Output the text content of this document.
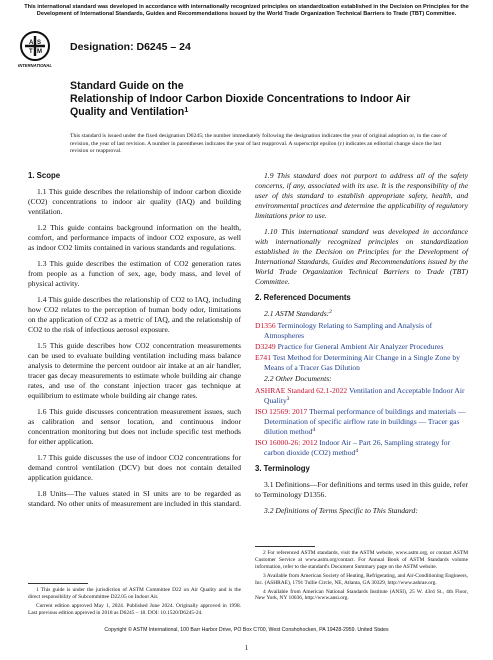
This international standard was developed in accordance with internationally recognized principles on standardization established in the Decision on Principles for the Development of International Standards, Guides and Recommendations issued by the World Trade Organization Technical Barriers to Trade (TBT) Committee.
A S
T M
INTERNATIONAL
Designation: D6245 – 24
Standard Guide on the
Relationship of Indoor Carbon Dioxide Concentrations to Indoor Air Quality and Ventilation$^1$
This standard is issued under the fixed designation D6245; the number immediately following the designation indicates the year of original adoption or, in the case of revision, the year of last revision. A number in parentheses indicates the year of last reapproval. A superscript epsilon (ε) indicates an editorial change since the last revision or reapproval.
1. Scope
1.1 This guide describes the relationship of indoor carbon dioxide (CO2) concentrations to indoor air quality (IAQ) and building ventilation.
1.2 This guide contains background information on the health, comfort, and performance impacts of indoor CO2 exposure, as well as indoor CO2 limits contained in various standards and regulations.
1.3 This guide describes the estimation of CO2 generation rates from people as a function of sex, age, body mass, and level of physical activity.
1.4 This guide describes the relationship of CO2 to IAQ, including how CO2 relates to the perception of human body odor, limitations on the application of CO2 as a metric of IAQ, and the relationship of CO2 to the risk of infectious aerosol exposure.
1.5 This guide describes how CO2 concentration measurements can be used to evaluate building ventilation including mass balance analysis to determine the percent outdoor air intake at an air handler, tracer gas decay measurements to estimate whole building air change rates, and use of the constant injection tracer gas technique at equilibrium to estimate whole building air change rates.
1.6 This guide discusses concentration measurement issues, such as calibration and sensor location, and continuous indoor concentration monitoring but does not include specific test methods for either application.
1.7 This guide discusses the use of indoor CO2 concentrations for demand control ventilation (DCV) but does not contain detailed application guidance.
1.8 Units—The values stated in SI units are to be regarded as standard. No other units of measurement are included in this standard.
1 This guide is under the jurisdiction of ASTM Committee D22 on Air Quality and is the direct responsibility of Subcommittee D22.05 on Indoor Air.
Current edition approved May 1, 2024. Published June 2024. Originally approved in 1998. Last previous edition approved in 2018 as D6245 – 18. DOI: 10.1520/D6245-24.
1.9 This standard does not purport to address all of the safety concerns, if any, associated with its use. It is the responsibility of the user of this standard to establish appropriate safety, health, and environmental practices and determine the applicability of regulatory limitations prior to use.
1.10 This international standard was developed in accordance with internationally recognized principles on standardization established in the Decision on Principles for the Development of International Standards, Guides and Recommendations issued by the World Trade Organization Technical Barriers to Trade (TBT) Committee.
2. Referenced Documents
2.1 ASTM Standards:$^2$
D1356 Terminology Relating to Sampling and Analysis of Atmospheres
D3249 Practice for General Ambient Air Analyzer Procedures
E741 Test Method for Determining Air Change in a Single Zone by Means of a Tracer Gas Dilution
2.2 Other Documents:
ASHRAE Standard 62.1-2022 Ventilation and Acceptable Indoor Air Quality$^3$
ISO 12569: 2017 Thermal performance of buildings and materials — Determination of specific airflow rate in buildings — Tracer gas dilution method$^4$
ISO 16000-26: 2012 Indoor Air – Part 26, Sampling strategy for carbon dioxide (CO2) method$^4$
3. Terminology
3.1 Definitions—For definitions and terms used in this guide, refer to Terminology D1356.
3.2 Definitions of Terms Specific to This Standard:
2 For referenced ASTM standards, visit the ASTM website, www.astm.org, or contact ASTM Customer Service at www.astm.org/contact. For Annual Book of ASTM Standards volume information, refer to the standard's Document Summary page on the ASTM website.
3 Available from American Society of Heating, Refrigerating, and Air-Conditioning Engineers, Inc. (ASHRAE), 1791 Tullie Circle, NE, Atlanta, GA 30329, http://www.ashrae.org.
4 Available from American National Standards Institute (ANSI), 25 W. 43rd St., 4th Floor, New York, NY 10036, http://www.ansi.org.
Copyright © ASTM International, 100 Barr Harbor Drive, PO Box C700, West Conshohocken, PA 19428-2959. United States
1
